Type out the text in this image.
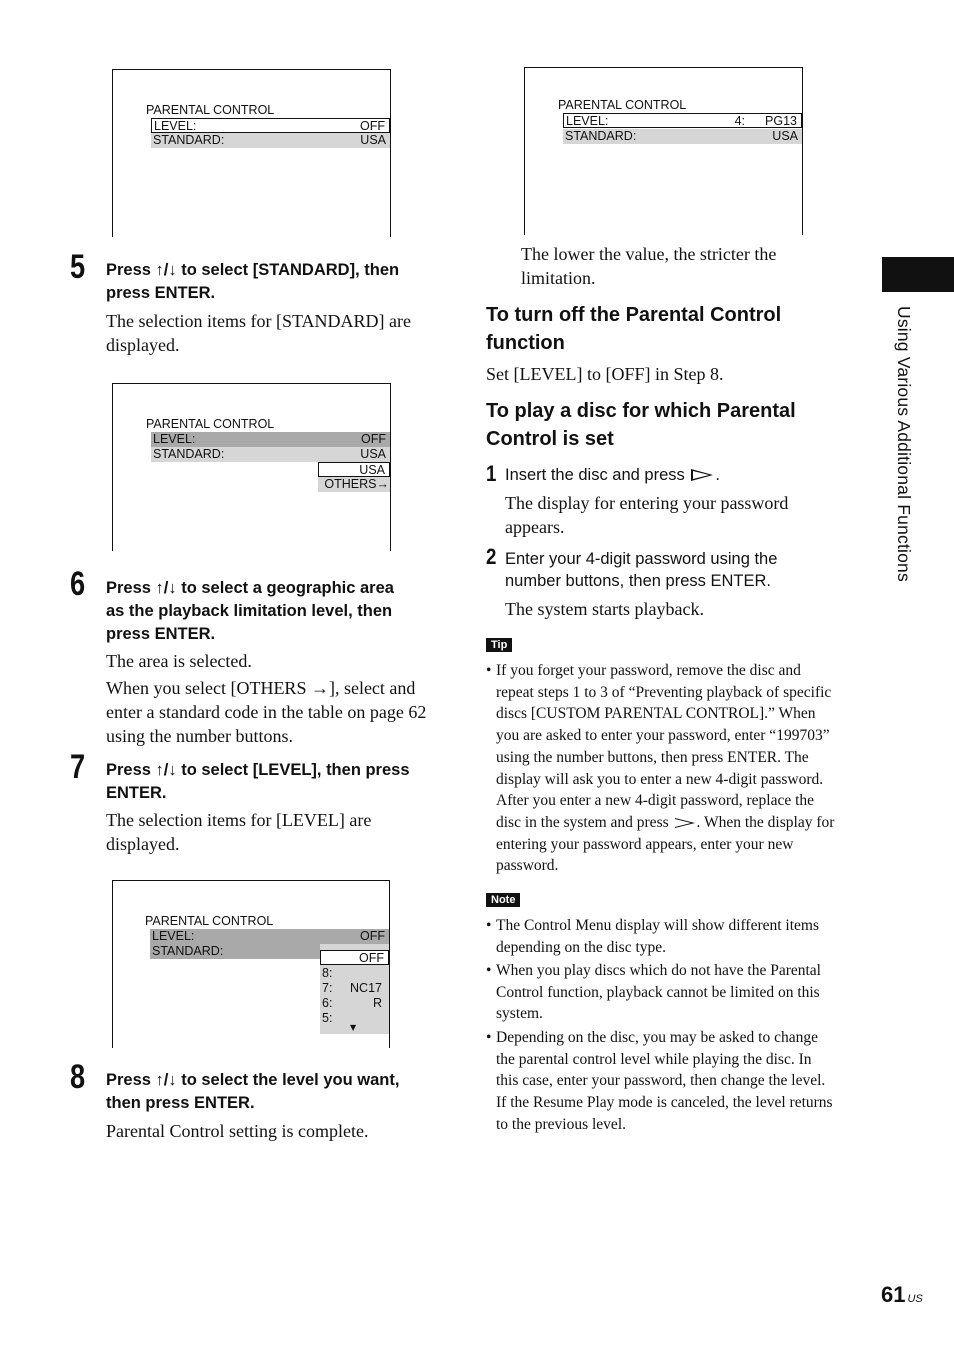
PARENTAL CONTROL
LEVEL:	OFF
STANDARD:	USA
5 Press ↑/↓ to select [STANDARD], then
press ENTER.
The selection items for [STANDARD] are
displayed.
PARENTAL CONTROL
LEVEL:	OFF
STANDARD:	USA
USA
OTHERS→
6 Press ↑/↓ to select a geographic area
as the playback limitation level, then
press ENTER.
The area is selected.
When you select [OTHERS →], select and
enter a standard code in the table on page 62
using the number buttons.
7 Press ↑/↓ to select [LEVEL], then press
ENTER.
The selection items for [LEVEL] are
displayed.
PARENTAL CONTROL
LEVEL:	OFF
STANDARD:	OFF
8:
7: NC17
6:	R
5:
▼
8 Press ↑/↓ to select the level you want,
then press ENTER.
Parental Control setting is complete.
PARENTAL CONTROL
LEVEL:	4: PG13
STANDARD:	USA
The lower the value, the stricter the
limitation.
To turn off the Parental Control
function
Set [LEVEL] to [OFF] in Step 8.
To play a disc for which Parental
Control is set
1 Insert the disc and press .
The display for entering your password
appears.
2 Enter your 4-digit password using the
number buttons, then press ENTER.
The system starts playback.
Tip
• If you forget your password, remove the disc and
repeat steps 1 to 3 of “Preventing playback of specific
discs [CUSTOM PARENTAL CONTROL].” When
you are asked to enter your password, enter “199703”
using the number buttons, then press ENTER. The
display will ask you to enter a new 4-digit password.
After you enter a new 4-digit password, replace the
disc in the system and press . When the display for
entering your password appears, enter your new
password.
Note
• The Control Menu display will show different items
depending on the disc type.
• When you play discs which do not have the Parental
Control function, playback cannot be limited on this
system.
• Depending on the disc, you may be asked to change
the parental control level while playing the disc. In
this case, enter your password, then change the level.
If the Resume Play mode is canceled, the level returns
to the previous level.
Using Various Additional Functions
61 $^{US}$
